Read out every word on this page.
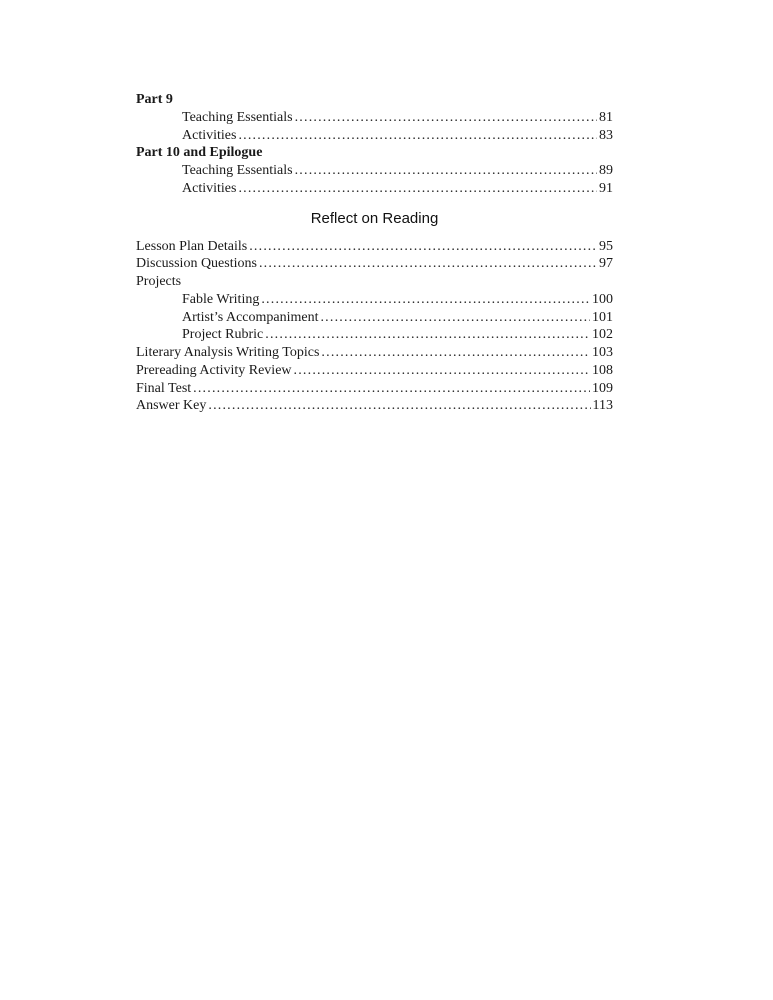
Part 9
Teaching Essentials .....	81
Activities .....	83
Part 10 and Epilogue
Teaching Essentials .....	89
Activities .....	91
Reflect on Reading
Lesson Plan Details .....	95
Discussion Questions .....	97
Projects
Fable Writing .....	100
Artist’s Accompaniment .....	101
Project Rubric .....	102
Literary Analysis Writing Topics .....	103
Prereading Activity Review .....	108
Final Test .....	109
Answer Key .....	113
